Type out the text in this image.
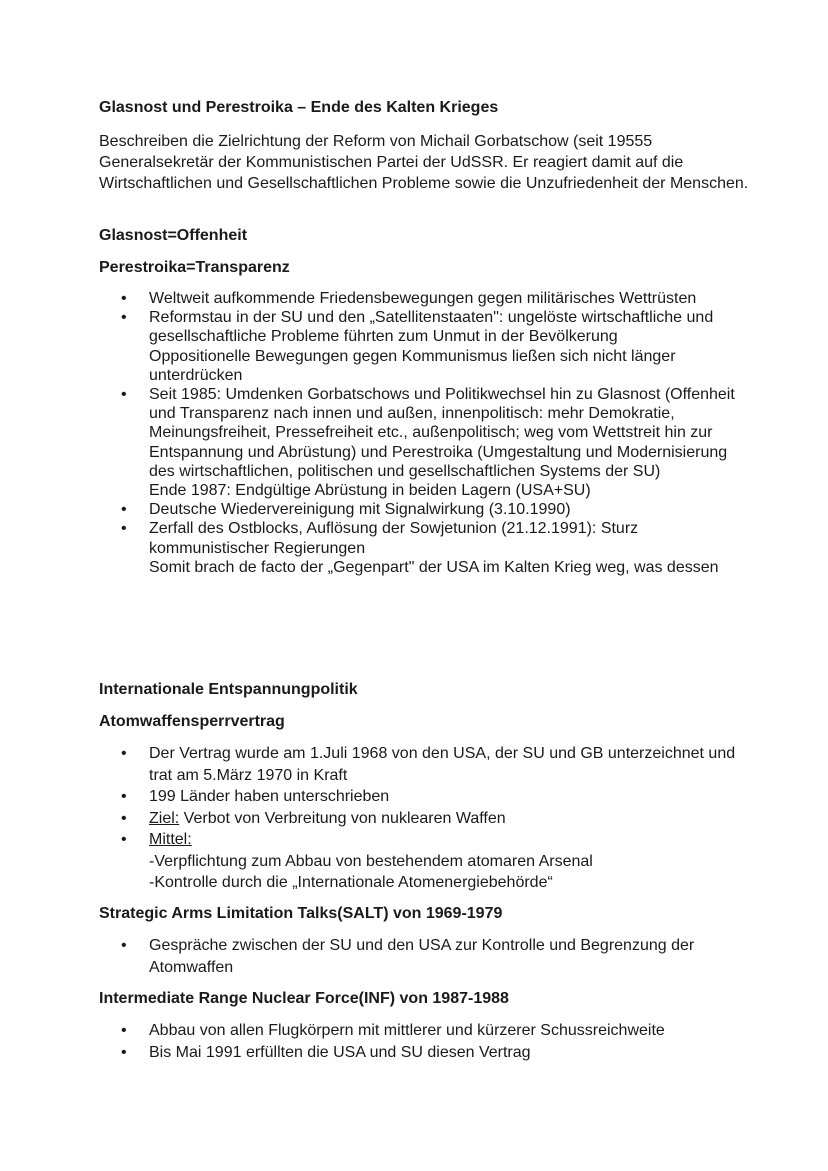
Glasnost und Perestroika – Ende des Kalten Krieges
Beschreiben die Zielrichtung der Reform von Michail Gorbatschow (seit 19555 Generalsekretär der Kommunistischen Partei der UdSSR. Er reagiert damit auf die Wirtschaftlichen und Gesellschaftlichen Probleme sowie die Unzufriedenheit der Menschen.
Glasnost=Offenheit
Perestroika=Transparenz
• Weltweit aufkommende Friedensbewegungen gegen militärisches Wettrüsten
• Reformstau in der SU und den „Satellitenstaaten": ungelöste wirtschaftliche und gesellschaftliche Probleme führten zum Unmut in der Bevölkerung
Oppositionelle Bewegungen gegen Kommunismus ließen sich nicht länger unterdrücken
• Seit 1985: Umdenken Gorbatschows und Politikwechsel hin zu Glasnost (Offenheit und Transparenz nach innen und außen, innenpolitisch: mehr Demokratie, Meinungsfreiheit, Pressefreiheit etc., außenpolitisch; weg vom Wettstreit hin zur Entspannung und Abrüstung) und Perestroika (Umgestaltung und Modernisierung des wirtschaftlichen, politischen und gesellschaftlichen Systems der SU)
Ende 1987: Endgültige Abrüstung in beiden Lagern (USA+SU)
• Deutsche Wiedervereinigung mit Signalwirkung (3.10.1990)
• Zerfall des Ostblocks, Auflösung der Sowjetunion (21.12.1991): Sturz kommunistischer Regierungen
Somit brach de facto der „Gegenpart" der USA im Kalten Krieg weg, was dessen
Internationale Entspannungpolitik
Atomwaffensperrvertrag
• Der Vertrag wurde am 1.Juli 1968 von den USA, der SU und GB unterzeichnet und trat am 5.März 1970 in Kraft
• 199 Länder haben unterschrieben
• Ziel: Verbot von Verbreitung von nuklearen Waffen
• Mittel:
-Verpflichtung zum Abbau von bestehendem atomaren Arsenal
-Kontrolle durch die „Internationale Atomenergiebehörde“
Strategic Arms Limitation Talks(SALT) von 1969-1979
• Gespräche zwischen der SU und den USA zur Kontrolle und Begrenzung der Atomwaffen
Intermediate Range Nuclear Force(INF) von 1987-1988
• Abbau von allen Flugkörpern mit mittlerer und kürzerer Schussreichweite
• Bis Mai 1991 erfüllten die USA und SU diesen Vertrag
